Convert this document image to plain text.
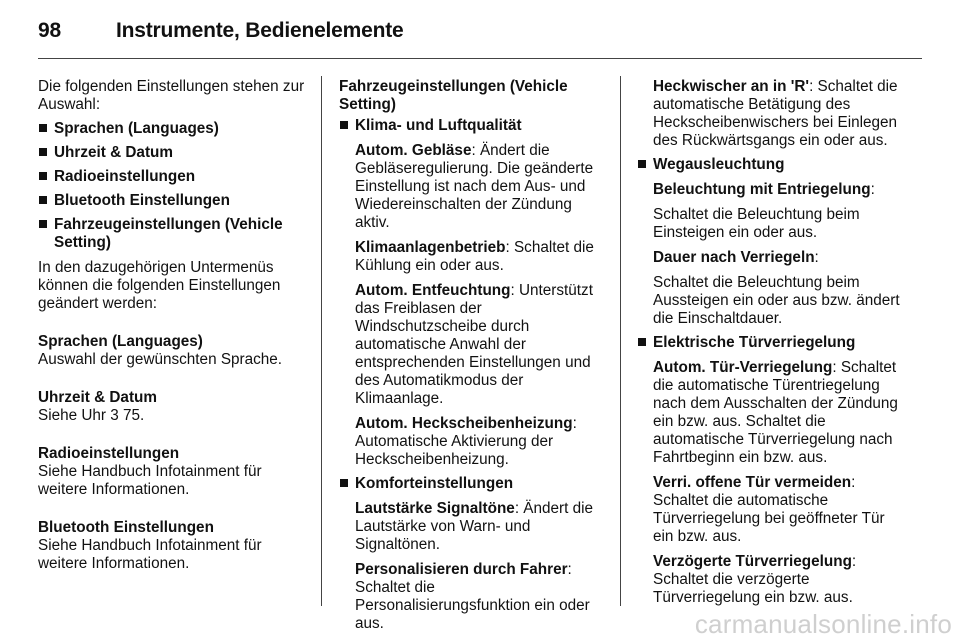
98	Instrumente, Bedienelemente

Die folgenden Einstellungen stehen zur Auswahl:

Sprachen (Languages)
Uhrzeit & Datum
Radioeinstellungen
Bluetooth Einstellungen
Fahrzeugeinstellungen (Vehicle Setting)

In den dazugehörigen Untermenüs können die folgenden Einstellungen geändert werden:

Sprachen (Languages)

Auswahl der gewünschten Sprache.

Uhrzeit & Datum

Siehe Uhr 3 75.

Radioeinstellungen

Siehe Handbuch Infotainment für weitere Informationen.

Bluetooth Einstellungen

Siehe Handbuch Infotainment für weitere Informationen.

Fahrzeugeinstellungen (Vehicle Setting)

Klima- und Luftqualität

Autom. Gebläse: Ändert die Gebläseregulierung. Die geänderte Einstellung ist nach dem Aus- und Wiedereinschalten der Zündung aktiv.

Klimaanlagenbetrieb: Schaltet die Kühlung ein oder aus.

Autom. Entfeuchtung: Unterstützt das Freiblasen der Windschutzscheibe durch automatische Anwahl der entsprechenden Einstellungen und des Automatikmodus der Klimaanlage.

Autom. Heckscheibenheizung: Automatische Aktivierung der Heckscheibenheizung.

Komforteinstellungen

Lautstärke Signaltöne: Ändert die Lautstärke von Warn- und Signaltönen.

Personalisieren durch Fahrer: Schaltet die Personalisierungsfunktion ein oder aus.

Heckwischer an in 'R': Schaltet die automatische Betätigung des Heckscheibenwischers bei Einlegen des Rückwärtsgangs ein oder aus.

Wegausleuchtung

Beleuchtung mit Entriegelung:

Schaltet die Beleuchtung beim Einsteigen ein oder aus.

Dauer nach Verriegeln:

Schaltet die Beleuchtung beim Aussteigen ein oder aus bzw. ändert die Einschaltdauer.

Elektrische Türverriegelung

Autom. Tür-Verriegelung: Schaltet die automatische Türentriegelung nach dem Ausschalten der Zündung ein bzw. aus. Schaltet die automatische Türverriegelung nach Fahrtbeginn ein bzw. aus.

Verri. offene Tür vermeiden: Schaltet die automatische Türverriegelung bei geöffneter Tür ein bzw. aus.

Verzögerte Türverriegelung: Schaltet die verzögerte Türverriegelung ein bzw. aus.

carmanualsonline.info
